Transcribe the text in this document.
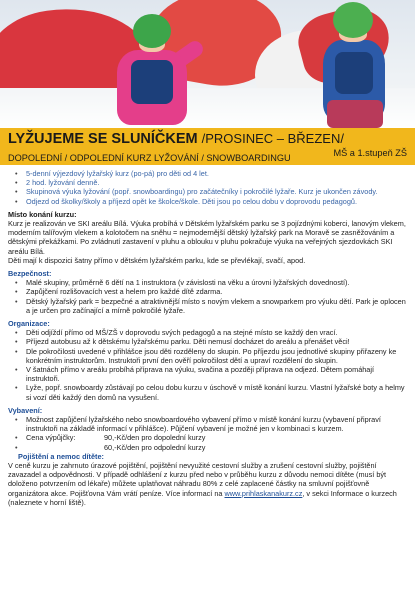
LYŽUJEME SE SLUNÍČKEM /PROSINEC – BŘEZEN/
DOPOLEDNÍ / ODPOLEDNÍ KURZ LYŽOVÁNÍ / SNOWBOARDINGU	MŠ a 1.stupeň ZŠ
• 5-denní výjezdový lyžařský kurz (po-pá) pro děti od 4 let.
• 2 hod. lyžování denně.
• Skupinová výuka lyžování (popř. snowboardingu) pro začátečníky i pokročilé lyžaře. Kurz je ukončen závody.
• Odjezd od školky/školy a příjezd opět ke školce/škole. Děti jsou po celou dobu v doprovodu pedagogů.

Místo konání kurzu:

Kurz je realizován ve SKI areálu Bílá. Výuka probíhá v Dětském lyžařském parku se 3 pojízdnými koberci, lanovým vlekem, moderním talířovým vlekem a kolotočem na sněhu = nejmodernější dětský lyžařský park na Moravě se zasněžováním a dětskými překážkami. Po zvládnutí zastavení v pluhu a oblouku v pluhu pokračuje výuka na veřejných sjezdovkách SKI areálu Bílá.

Děti mají k dispozici šatny přímo v dětském lyžařském parku, kde se převlékají, svačí, apod.

Bezpečnost:

• Malé skupiny, průměrně 6 dětí na 1 instruktora (v závislosti na věku a úrovni lyžařských dovedností).
• Zapůjčení rozlišovacích vest a helem pro každé dítě zdarma.
• Dětský lyžařský park = bezpečné a atraktivnější místo s novým vlekem a snowparkem pro výuku dětí. Park je oplocen a je určen pro začínající a mírně pokročilé lyžaře.

Organizace:

• Děti odjíždí přímo od MŠ/ZŠ v doprovodu svých pedagogů a na stejné místo se každý den vrací.
• Příjezd autobusu až k dětskému lyžařskému parku. Děti nemusí docházet do areálu a přenášet věci!
• Dle pokročilosti uvedené v přihlášce jsou děti rozděleny do skupin. Po příjezdu jsou jednotlivé skupiny přiřazeny ke konkrétním instruktorům. Instruktoři první den ověří pokročilost dětí a upraví rozdělení do skupin.
• V šatnách přímo v areálu probíhá příprava na výuku, svačina a později příprava na odjezd. Dětem pomáhají instruktoři.
• Lyže, popř. snowboardy zůstávají po celou dobu kurzu v úschově v místě konání kurzu. Vlastní lyžařské boty a helmy si vozí děti každý den domů na vysušení.

Vybavení:

• Možnost zapůjčení lyžařského nebo snowboardového vybavení přímo v místě konání kurzu (vybavení připraví instruktoři na základě informací v přihlášce). Půjčení vybavení je možné jen v kombinaci s kurzem.
• Cena výpůjčky:	90,-Kč/den pro dopolední kurzy
• 60,-Kč/den pro odpolední kurzy

Pojištění a nemoc dítěte:

V ceně kurzu je zahrnuto úrazové pojištění, pojištění nevyužité cestovní služby a zrušení cestovní služby, pojištění zavazadel a odpovědnosti. V případě odhlášení z kurzu před nebo v průběhu kurzu z důvodu nemoci dítěte (musí být doloženo potvrzením od lékaře) můžete uplatňovat náhradu 80% z celé zaplacené částky na smluvní pojišťovně organizátora akce. Pojišťovna Vám vrátí peníze. Více informací na www.prihlaskanakurz.cz, v sekci Informace o kurzech (naleznete v horní liště).
